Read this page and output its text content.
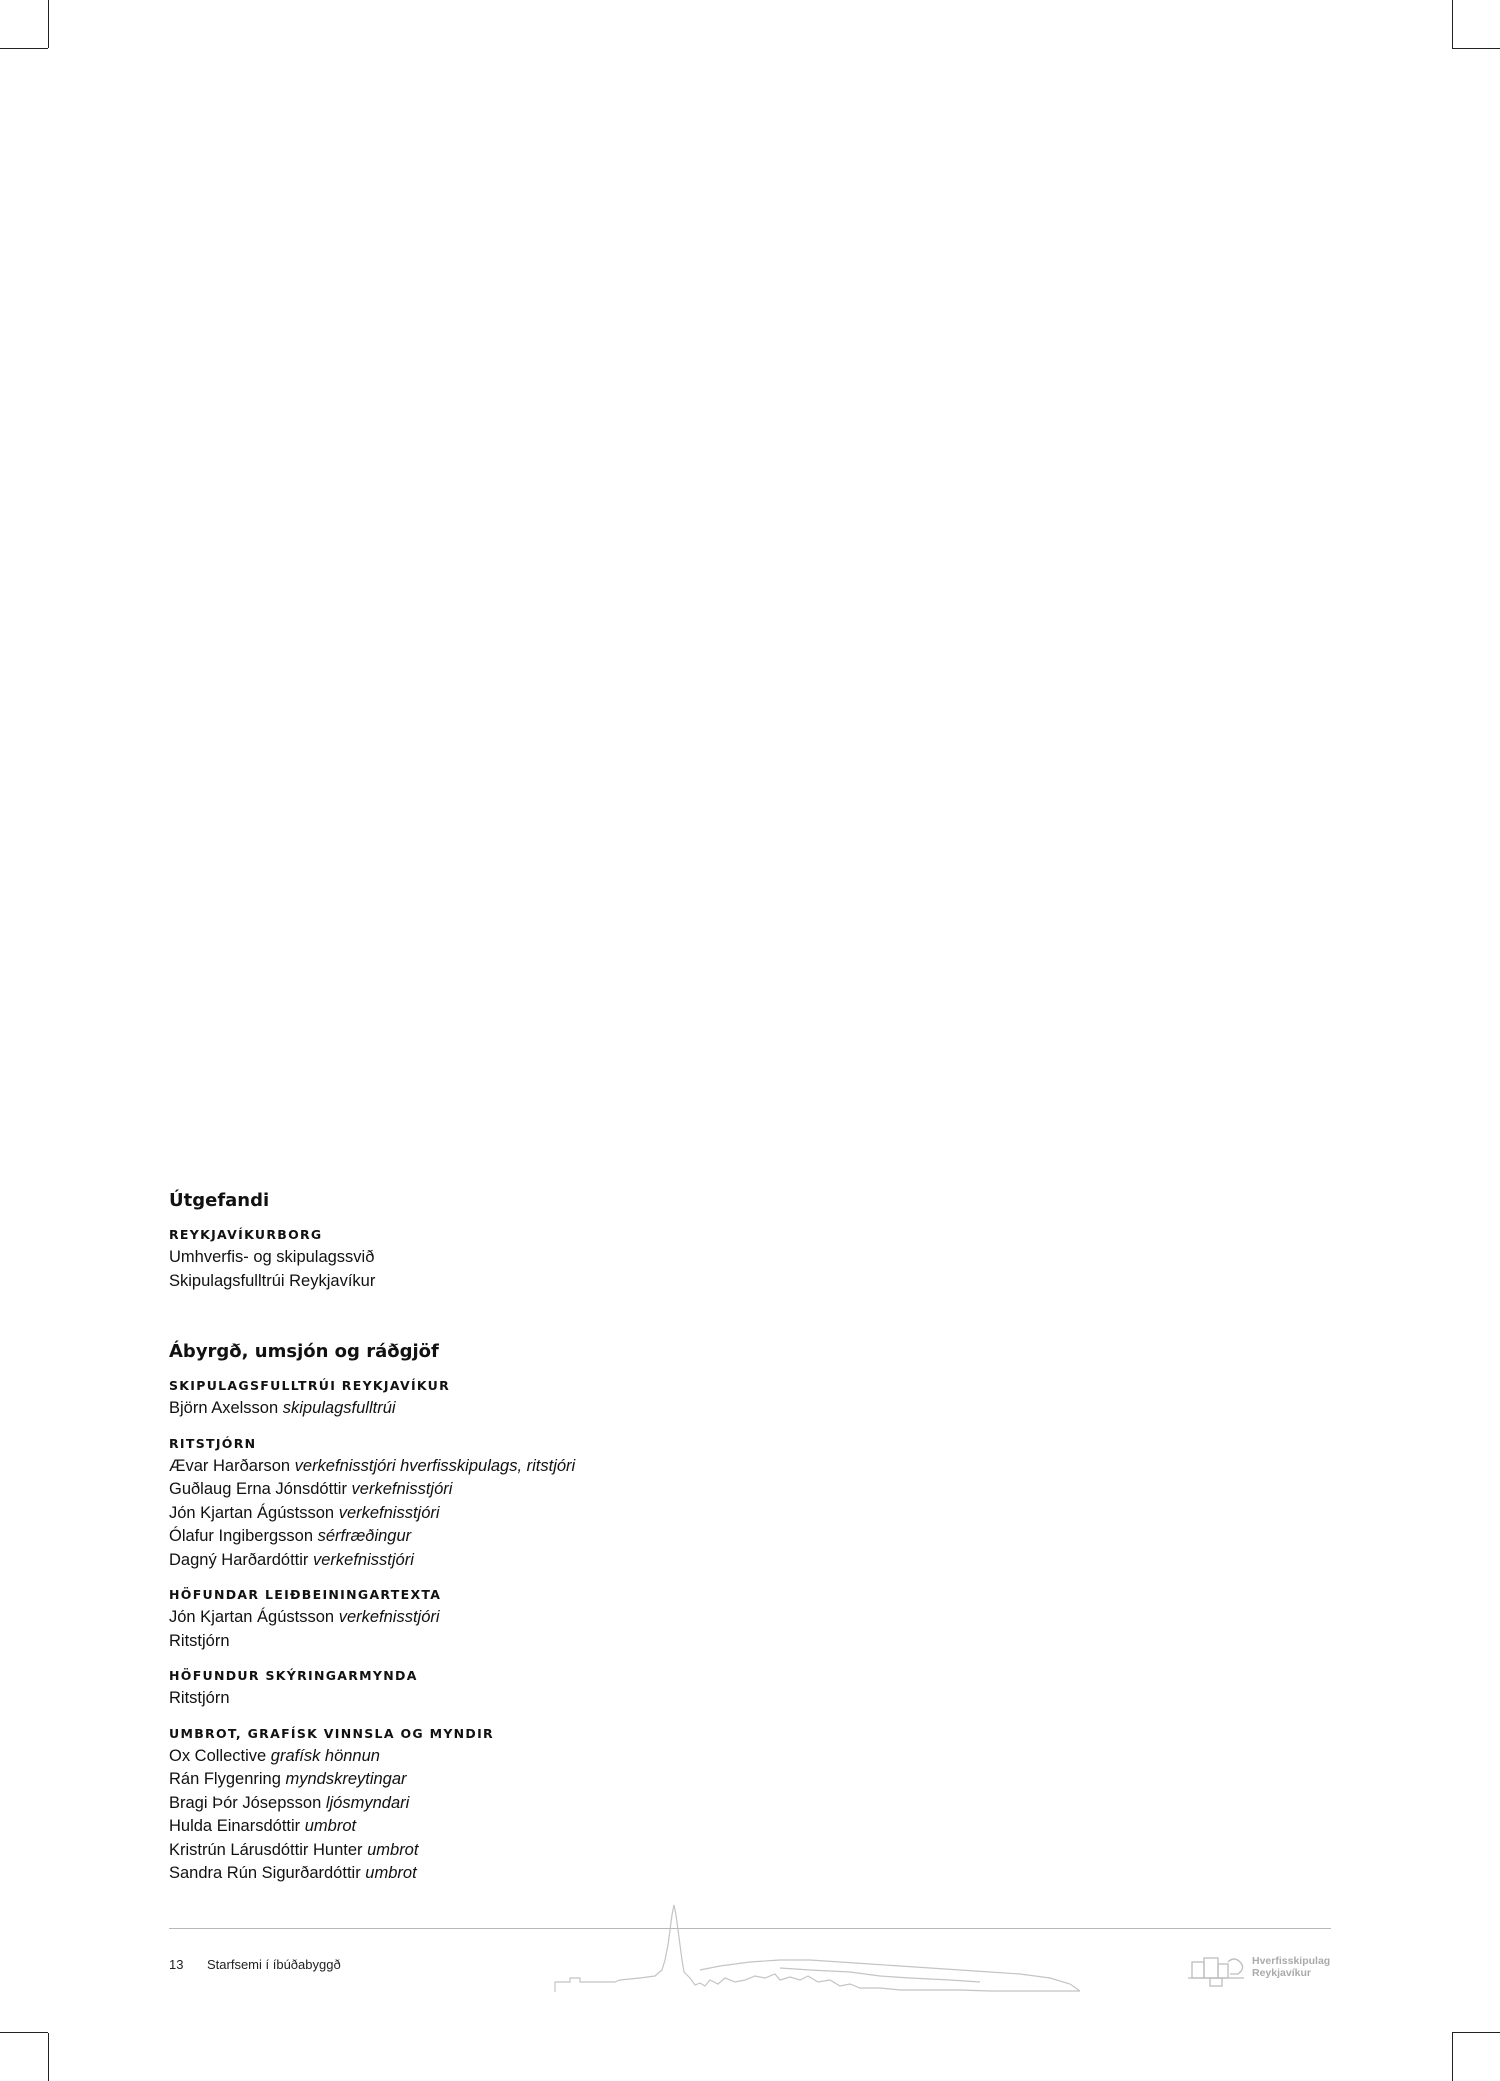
Útgefandi
REYKJAVÍKURBORG
Umhverfis- og skipulagssvið
Skipulagsfulltrúi Reykjavíkur
Ábyrgð, umsjón og ráðgjöf
SKIPULAGSFULLTRÚI REYKJAVÍKUR
Björn Axelsson skipulagsfulltrúi
RITSTJÓRN
Ævar Harðarson verkefnisstjóri hverfisskipulags, ritstjóri
Guðlaug Erna Jónsdóttir verkefnisstjóri
Jón Kjartan Ágústsson verkefnisstjóri
Ólafur Ingibergsson sérfræðingur
Dagný Harðardóttir verkefnisstjóri
HÖFUNDAR LEIÐBEININGARTEXTA
Jón Kjartan Ágústsson verkefnisstjóri
Ritstjórn
HÖFUNDUR SKÝRINGARMYNDA
Ritstjórn
UMBROT, GRAFÍSK VINNSLA OG MYNDIR
Ox Collective grafísk hönnun
Rán Flygenring myndskreytingar
Bragi Þór Jósepsson ljósmyndari
Hulda Einarsdóttir umbrot
Kristrún Lárusdóttir Hunter umbrot
Sandra Rún Sigurðardóttir umbrot
13 Starfsemi í íbúðabyggð	Hverfisskipulag
Reykjavíkur
